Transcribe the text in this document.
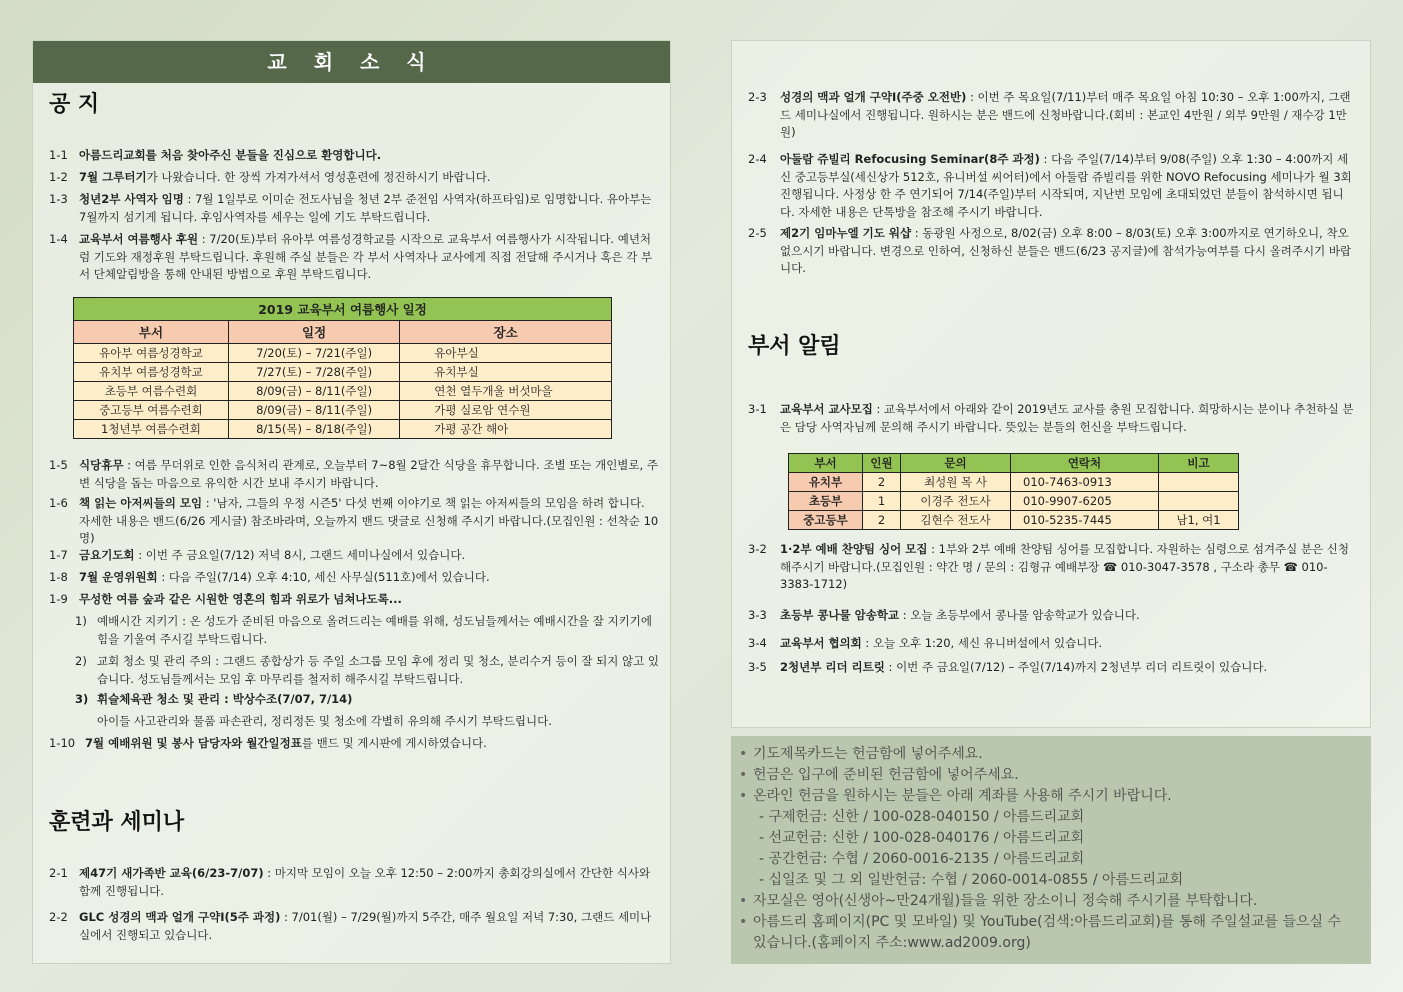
교 회 소 식
공 지
1-1 아름드리교회를 처음 찾아주신 분들을 진심으로 환영합니다.
1-2 7월 그루터기가 나왔습니다. 한 장씩 가져가셔서 영성훈련에 정진하시기 바랍니다.
1-3 청년2부 사역자 임명 : 7월 1일부로 이미순 전도사님을 청년 2부 준전임 사역자(하프타임)로 임명합니다. 유아부는 7월까지 섬기게 됩니다. 후임사역자를 세우는 일에 기도 부탁드립니다.
1-4 교육부서 여름행사 후원 : 7/20(토)부터 유아부 여름성경학교를 시작으로 교육부서 여름행사가 시작됩니다. 예년처럼 기도와 재정후원 부탁드립니다. 후원해 주실 분들은 각 부서 사역자나 교사에게 직접 전달해 주시거나 혹은 각 부서 단체알림방을 통해 안내된 방법으로 후원 부탁드립니다.
2019 교육부서 여름행사 일정		
부서	일정	장소
유아부 여름성경학교	7/20(토) – 7/21(주일)	유아부실
유치부 여름성경학교	7/27(토) – 7/28(주일)	유치부실
초등부 여름수련회	8/09(금) – 8/11(주일)	연천 열두개울 버섯마을
중고등부 여름수련회	8/09(금) – 8/11(주일)	가평 실로암 연수원
1청년부 여름수련회	8/15(목) – 8/18(주일)	가평 공간 해아
1-5 식당휴무 : 여름 무더위로 인한 음식처리 관계로, 오늘부터 7~8월 2달간 식당을 휴무합니다. 조별 또는 개인별로, 주변 식당을 돕는 마음으로 유익한 시간 보내 주시기 바랍니다.
1-6 책 읽는 아저씨들의 모임 : '남자, 그들의 우정 시즌5' 다섯 번째 이야기로 책 읽는 아저씨들의 모임을 하려 합니다. 자세한 내용은 밴드(6/26 게시글) 참조바라며, 오늘까지 밴드 댓글로 신청해 주시기 바랍니다.(모집인원 : 선착순 10명)
1-7 금요기도회 : 이번 주 금요일(7/12) 저녁 8시, 그랜드 세미나실에서 있습니다.
1-8 7월 운영위원회 : 다음 주일(7/14) 오후 4:10, 세신 사무실(511호)에서 있습니다.
1-9 무성한 여름 숲과 같은 시원한 영혼의 힘과 위로가 넘쳐나도록...
1) 예배시간 지키기 : 온 성도가 준비된 마음으로 올려드리는 예배를 위해, 성도님들께서는 예배시간을 잘 지키기에 힘을 기울여 주시길 부탁드립니다.
2) 교회 청소 및 관리 주의 : 그랜드 종합상가 등 주일 소그룹 모임 후에 정리 및 청소, 분리수거 등이 잘 되지 않고 있습니다. 성도님들께서는 모임 후 마무리를 철저히 해주시길 부탁드립니다.
3) 휘슬체육관 청소 및 관리 : 박상수조(7/07, 7/14)
아이들 사고관리와 물품 파손관리, 정리정돈 및 청소에 각별히 유의해 주시기 부탁드립니다.
1-10 7월 예배위원 및 봉사 담당자와 월간일정표를 밴드 및 게시판에 게시하였습니다.
훈련과 세미나
2-1 제47기 새가족반 교육(6/23-7/07) : 마지막 모임이 오늘 오후 12:50 – 2:00까지 총회강의실에서 간단한 식사와 함께 진행됩니다.
2-2 GLC 성경의 맥과 얼개 구약Ⅰ(5주 과정) : 7/01(월) – 7/29(월)까지 5주간, 매주 월요일 저녁 7:30, 그랜드 세미나실에서 진행되고 있습니다.
2-3	성경의 맥과 얼개 구약Ⅰ(주중 오전반) : 이번 주 목요일(7/11)부터 매주 목요일 아침 10:30 – 오후 1:00까지, 그랜드 세미나실에서 진행됩니다. 원하시는 분은 밴드에 신청바랍니다.(회비 : 본교인 4만원 / 외부 9만원 / 재수강 1만원)
2-4	아둘람 쥬빌리 Refocusing Seminar(8주 과정) : 다음 주일(7/14)부터 9/08(주일) 오후 1:30 – 4:00까지 세신 중고등부실(세신상가 512호, 유니버설 씨어터)에서 아둘람 쥬빌리를 위한 NOVO Refocusing 세미나가 월 3회 진행됩니다. 사정상 한 주 연기되어 7/14(주일)부터 시작되며, 지난번 모임에 초대되었던 분들이 참석하시면 됩니다. 자세한 내용은 단톡방을 참조해 주시기 바랍니다.
2-5	제2기 임마누엘 기도 워샵 : 동광원 사정으로, 8/02(금) 오후 8:00 – 8/03(토) 오후 3:00까지로 연기하오니, 착오 없으시기 바랍니다. 변경으로 인하여, 신청하신 분들은 밴드(6/23 공지글)에 참석가능여부를 다시 올려주시기 바랍니다.
부서 알림
3-1	교육부서 교사모집 : 교육부서에서 아래와 같이 2019년도 교사를 충원 모집합니다. 희망하시는 분이나 추천하실 분은 담당 사역자님께 문의해 주시기 바랍니다. 뜻있는 분들의 헌신을 부탁드립니다.
부서	인원	문의	연락처	비고
유치부	2	최성원 목 사	010-7463-0913	
초등부	1	이경주 전도사	010-9907-6205	
중고등부	2	김현수 전도사	010-5235-7445	남1, 여1
3-2	1·2부 예배 찬양팀 싱어 모집 : 1부와 2부 예배 찬양팀 싱어를 모집합니다. 자원하는 심령으로 섬겨주실 분은 신청해주시기 바랍니다.(모집인원 : 약간 명 / 문의 : 김형규 예배부장 ☎ 010-3047-3578 , 구소라 총무 ☎ 010-3383-1712)
3-3	초등부 콩나물 암송학교 : 오늘 초등부에서 콩나물 암송학교가 있습니다.
3-4	교육부서 협의회 : 오늘 오후 1:20, 세신 유니버설에서 있습니다.
3-5	2청년부 리더 리트릿 : 이번 주 금요일(7/12) – 주일(7/14)까지 2청년부 리더 리트릿이 있습니다.
• 기도제목카드는 헌금함에 넣어주세요.
• 헌금은 입구에 준비된 헌금함에 넣어주세요.
• 온라인 헌금을 원하시는 분들은 아래 계좌를 사용해 주시기 바랍니다.
- 구제헌금: 신한 / 100-028-040150 / 아름드리교회
- 선교헌금: 신한 / 100-028-040176 / 아름드리교회
- 공간헌금: 수협 / 2060-0016-2135 / 아름드리교회
- 십일조 및 그 외 일반헌금: 수협 / 2060-0014-0855 / 아름드리교회
• 자모실은 영아(신생아~만24개월)들을 위한 장소이니 정숙해 주시기를 부탁합니다.
• 아름드리 홈페이지(PC 및 모바일) 및 YouTube(검색:아름드리교회)를 통해 주일설교를 들으실 수 있습니다.(홈페이지 주소:www.ad2009.org)
